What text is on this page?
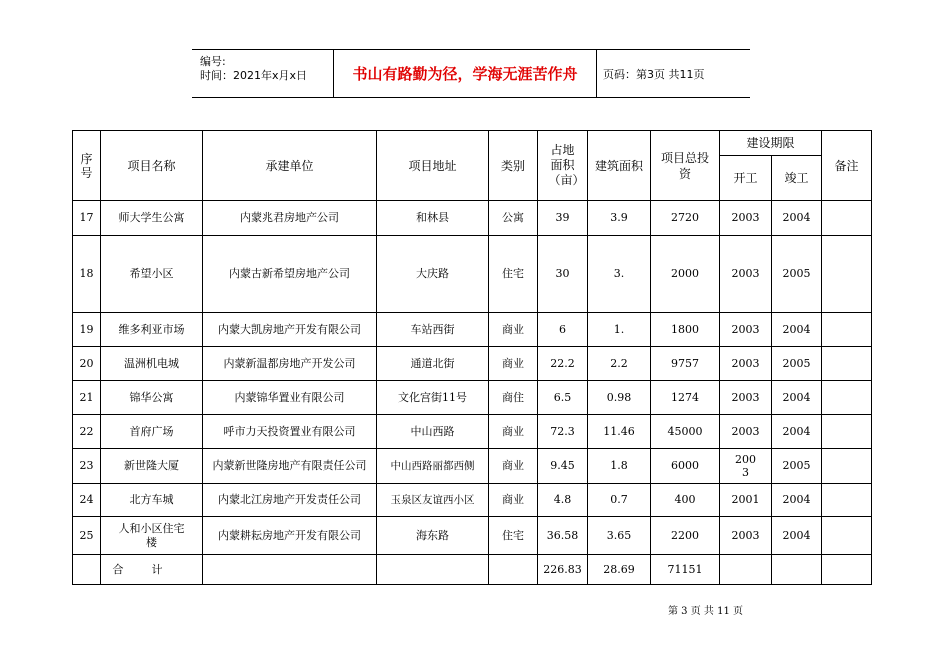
编号:
时间：2021年x月x日	书山有路勤为径，学海无涯苦作舟	页码：第3页 共11页
序号	项目名称	承建单位	项目地址	类别	占地面积（亩）	建筑面积	项目总投 资	建设期限		备注
								开工	竣工	
17	师大学生公寓	内蒙兆君房地产公司	和林县	公寓	39	3.9	2720	2003	2004	
18	希望小区	内蒙古新希望房地产公司	大庆路	住宅	30	3.	2000	2003	2005	
19	维多利亚市场	内蒙大凯房地产开发有限公司	车站西街	商业	6	1.	1800	2003	2004	
20	温洲机电城	内蒙新温都房地产开发公司	通道北街	商业	22.2	2.2	9757	2003	2005	
21	锦华公寓	内蒙锦华置业有限公司	文化宫街11号	商住	6.5	0.98	1274	2003	2004	
22	首府广场	呼市力天投资置业有限公司	中山西路	商业	72.3	11.46	45000	2003	2004	
23	新世隆大厦	内蒙新世隆房地产有限责任公司	中山西路丽都西侧	商业	9.45	1.8	6000	2003	2005	
24	北方车城	内蒙北江房地产开发责任公司	玉泉区友谊西小区	商业	4.8	0.7	400	2001	2004	
25	人和小区住宅楼	内蒙耕耘房地产开发有限公司	海东路	住宅	36.58	3.65	2200	2003	2004	
	合计				226.83	28.69	71151			
第 3 页 共 11 页
